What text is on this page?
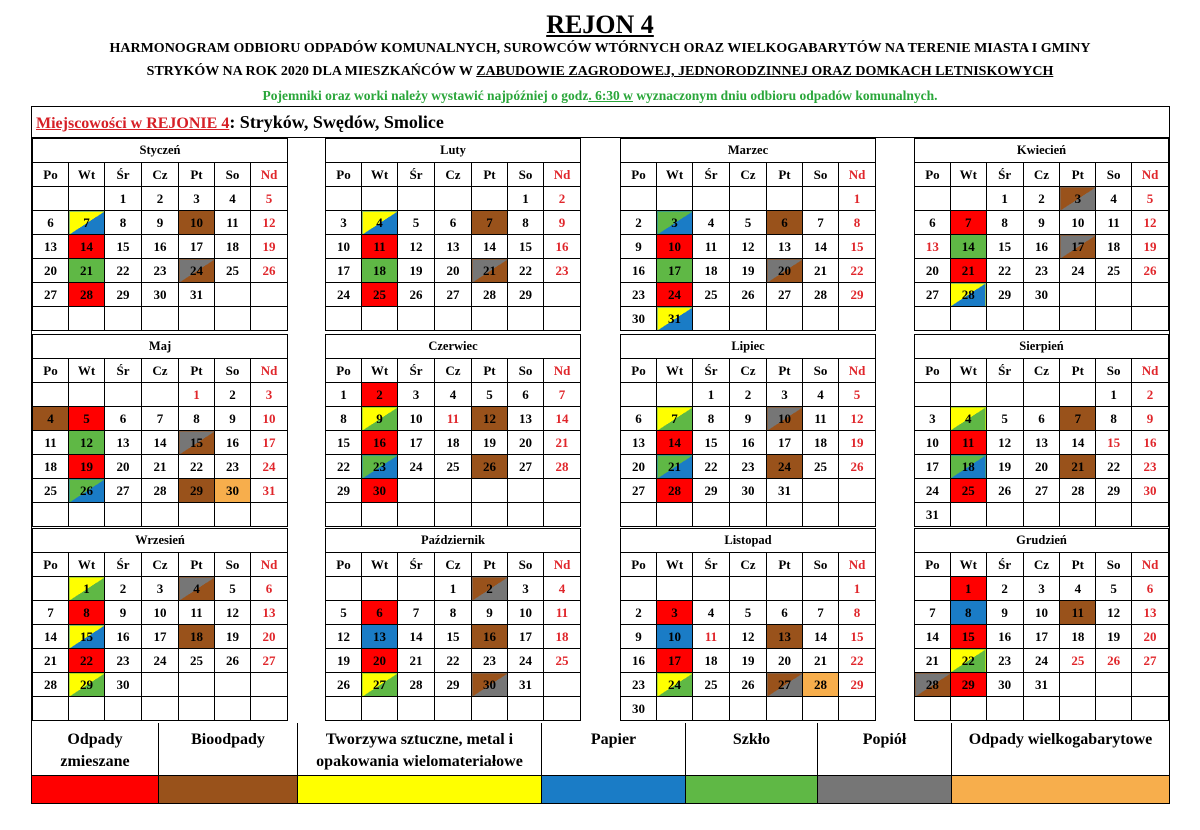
REJON 4
HARMONOGRAM ODBIORU ODPADÓW KOMUNALNYCH, SUROWCÓW WTÓRNYCH ORAZ WIELKOGABARYTÓW NA TERENIE MIASTA I GMINY
STRYKÓW NA ROK 2020 DLA MIESZKAŃCÓW W ZABUDOWIE ZAGRODOWEJ, JEDNORODZINNEJ ORAZ DOMKACH LETNISKOWYCH
Pojemniki oraz worki należy wystawić najpóźniej o godz. 6:30 w wyznaczonym dniu odbioru odpadów komunalnych.
Miejscowości w REJONIE 4: Stryków, Swędów, Smolice
Styczeń						
Po	Wt	Śr	Cz	Pt	So	Nd
		1	2	3	4	5
6	7	8	9	10	11	12
13	14	15	16	17	18	19
20	21	22	23	24	25	26
27	28	29	30	31		

Luty						
Po	Wt	Śr	Cz	Pt	So	Nd
					1	2
3	4	5	6	7	8	9
10	11	12	13	14	15	16
17	18	19	20	21	22	23
24	25	26	27	28	29	

Marzec						
Po	Wt	Śr	Cz	Pt	So	Nd
						1
2	3	4	5	6	7	8
9	10	11	12	13	14	15
16	17	18	19	20	21	22
23	24	25	26	27	28	29
30	31					
Kwiecień						
Po	Wt	Śr	Cz	Pt	So	Nd
		1	2	3	4	5
6	7	8	9	10	11	12
13	14	15	16	17	18	19
20	21	22	23	24	25	26
27	28	29	30			

Maj						
Po	Wt	Śr	Cz	Pt	So	Nd
				1	2	3
4	5	6	7	8	9	10
11	12	13	14	15	16	17
18	19	20	21	22	23	24
25	26	27	28	29	30	31

Czerwiec						
Po	Wt	Śr	Cz	Pt	So	Nd
1	2	3	4	5	6	7
8	9	10	11	12	13	14
15	16	17	18	19	20	21
22	23	24	25	26	27	28
29	30					

Lipiec						
Po	Wt	Śr	Cz	Pt	So	Nd
		1	2	3	4	5
6	7	8	9	10	11	12
13	14	15	16	17	18	19
20	21	22	23	24	25	26
27	28	29	30	31		

Sierpień						
Po	Wt	Śr	Cz	Pt	So	Nd
					1	2
3	4	5	6	7	8	9
10	11	12	13	14	15	16
17	18	19	20	21	22	23
24	25	26	27	28	29	30
31						
Wrzesień						
Po	Wt	Śr	Cz	Pt	So	Nd
	1	2	3	4	5	6
7	8	9	10	11	12	13
14	15	16	17	18	19	20
21	22	23	24	25	26	27
28	29	30				

Październik						
Po	Wt	Śr	Cz	Pt	So	Nd
			1	2	3	4
5	6	7	8	9	10	11
12	13	14	15	16	17	18
19	20	21	22	23	24	25
26	27	28	29	30	31	

Listopad						
Po	Wt	Śr	Cz	Pt	So	Nd
						1
2	3	4	5	6	7	8
9	10	11	12	13	14	15
16	17	18	19	20	21	22
23	24	25	26	27	28	29
30						
Grudzień						
Po	Wt	Śr	Cz	Pt	So	Nd
	1	2	3	4	5	6
7	8	9	10	11	12	13
14	15	16	17	18	19	20
21	22	23	24	25	26	27
28	29	30	31			

Odpady zmieszane
Bioodpady	Tworzywa sztuczne, metal i opakowania wielomateriałowe
Papier	Szkło	Popiół	Odpady wielkogabarytowe
